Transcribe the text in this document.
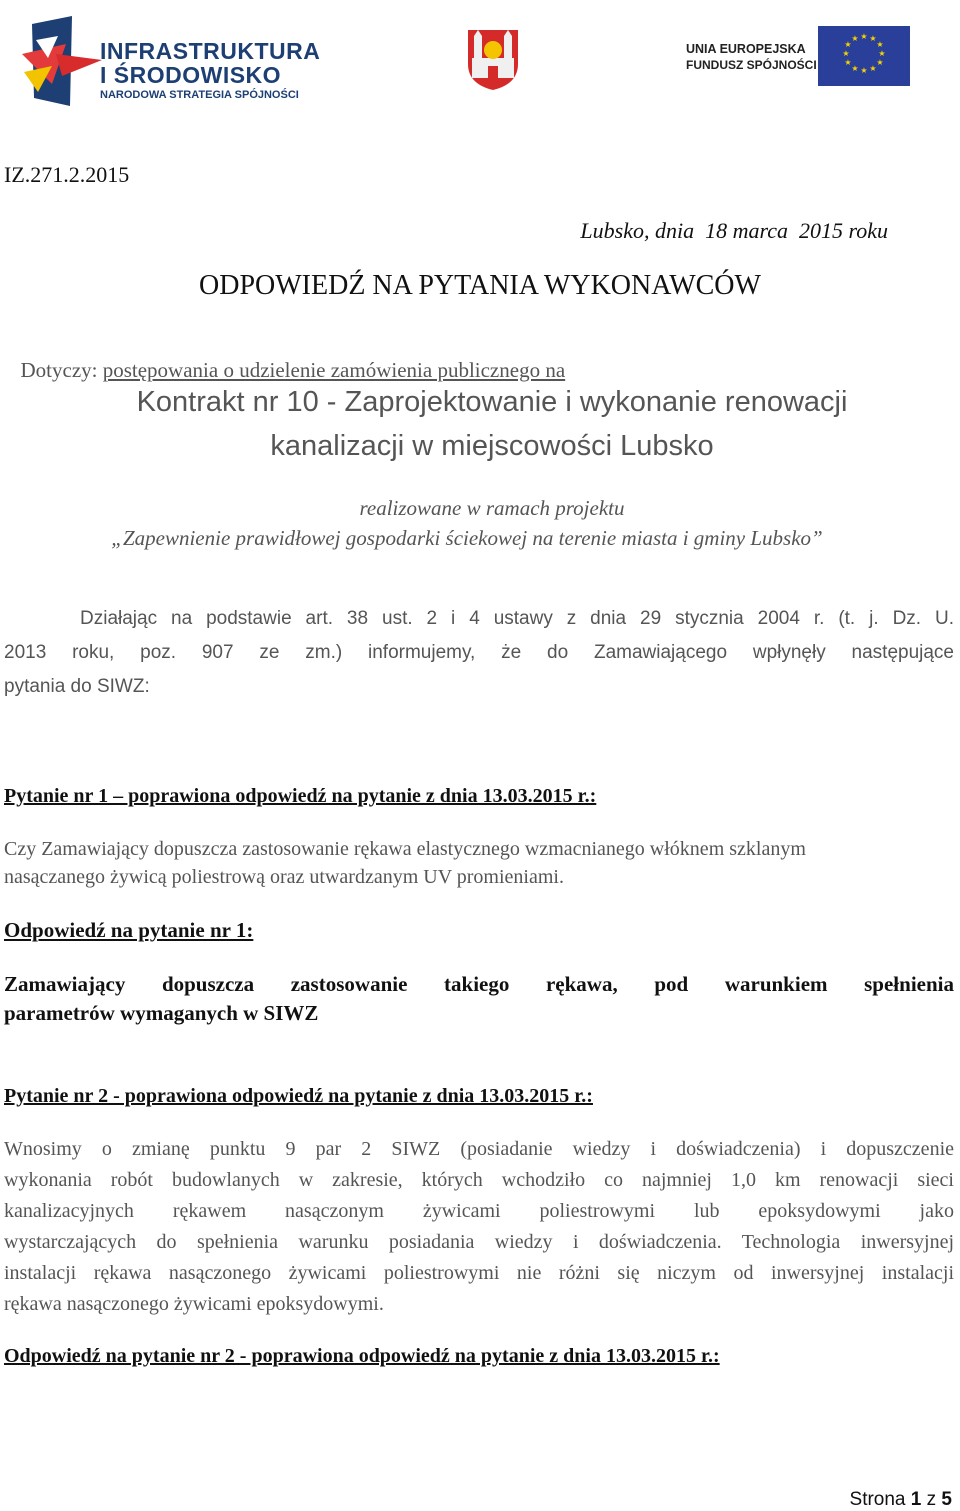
INFRASTRUKTURA
I ŚRODOWISKO
NARODOWA STRATEGIA SPÓJNOŚCI
UNIA EUROPEJSKA
FUNDUSZ SPÓJNOŚCI
★ ★
★
★
★
★
★
★
★
★
★
★
IZ.271.2.2015
Lubsko, dnia  18 marca  2015 roku
ODPOWIEDŹ NA PYTANIA WYKONAWCÓW

Dotyczy: postępowania o udzielenie zamówienia publicznego na

Kontrakt nr 10 - Zaprojektowanie i wykonanie renowacji
kanalizacji w miejscowości Lubsko
realizowane w ramach projektu
„Zapewnienie prawidłowej gospodarki ściekowej na terenie miasta i gminy Lubsko”
Działając na podstawie art. 38 ust. 2 i 4 ustawy z dnia 29 stycznia 2004 r. (t. j. Dz. U.
2013 roku, poz. 907 ze zm.) informujemy, że do Zamawiającego wpłynęły następujące
pytania do SIWZ:
Pytanie nr 1 – poprawiona odpowiedź na pytanie z dnia 13.03.2015 r.:
Czy Zamawiający dopuszcza zastosowanie rękawa elastycznego wzmacnianego włóknem szklanym
nasączanego żywicą poliestrową oraz utwardzanym UV promieniami.
Odpowiedź na pytanie nr 1:
Zamawiający dopuszcza zastosowanie takiego rękawa, pod warunkiem spełnienia
parametrów wymaganych w SIWZ
Pytanie nr 2 - poprawiona odpowiedź na pytanie z dnia 13.03.2015 r.:
Wnosimy o zmianę punktu 9 par 2 SIWZ (posiadanie wiedzy i doświadczenia) i dopuszczenie
wykonania robót budowlanych w zakresie, których wchodziło co najmniej 1,0 km renowacji sieci
kanalizacyjnych rękawem nasączonym żywicami poliestrowymi lub epoksydowymi jako
wystarczających do spełnienia warunku posiadania wiedzy i doświadczenia. Technologia inwersyjnej
instalacji rękawa nasączonego żywicami poliestrowymi nie różni się niczym od inwersyjnej instalacji
rękawa nasączonego żywicami epoksydowymi.
Odpowiedź na pytanie nr 2 - poprawiona odpowiedź na pytanie z dnia 13.03.2015 r.:

Strona 1 z 5
